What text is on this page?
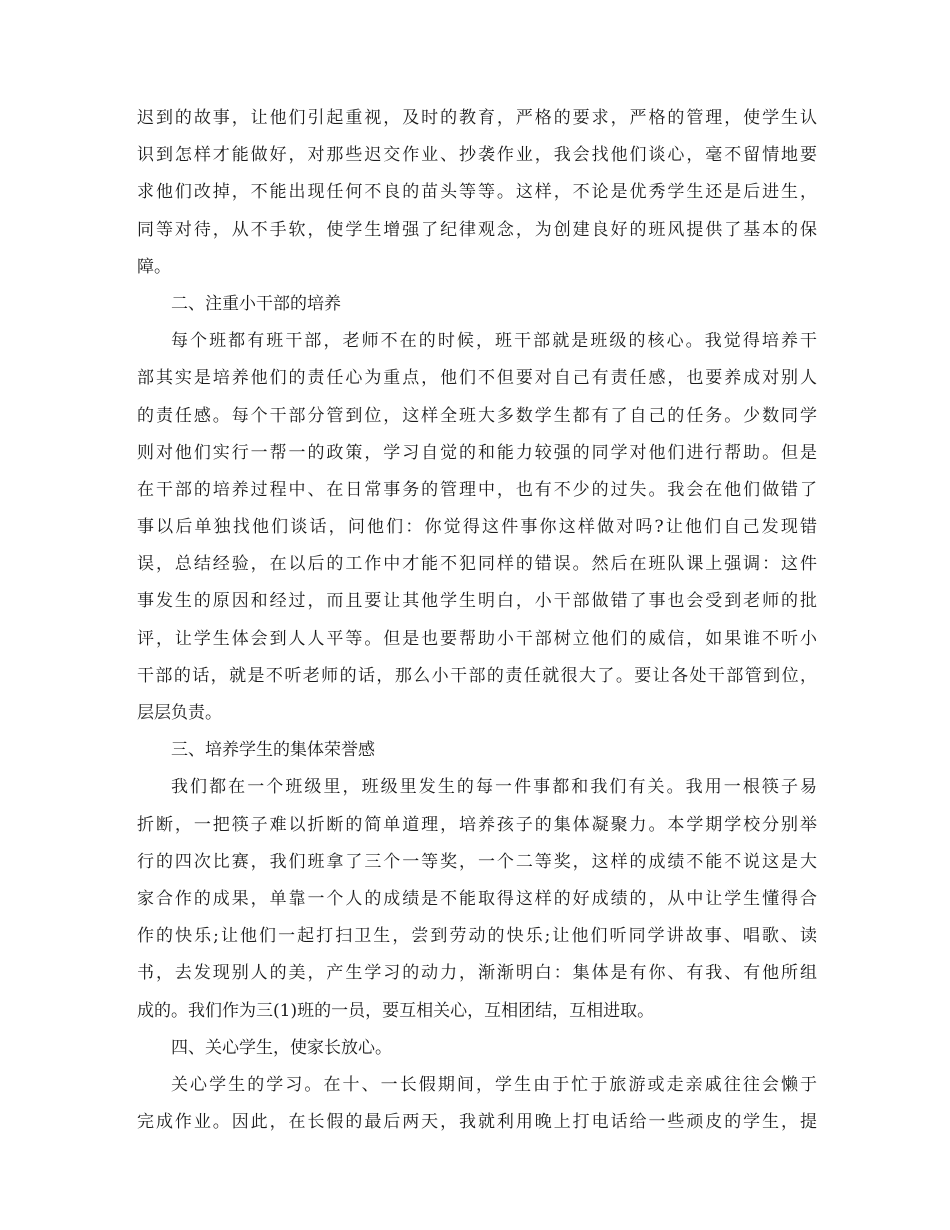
迟到的故事，让他们引起重视，及时的教育，严格的要求，严格的管理，使学生认
识到怎样才能做好，对那些迟交作业、抄袭作业，我会找他们谈心，毫不留情地要
求他们改掉，不能出现任何不良的苗头等等。这样，不论是优秀学生还是后进生，
同等对待，从不手软，使学生增强了纪律观念，为创建良好的班风提供了基本的保
障。
二、注重小干部的培养
每个班都有班干部，老师不在的时候，班干部就是班级的核心。我觉得培养干
部其实是培养他们的责任心为重点，他们不但要对自己有责任感，也要养成对别人
的责任感。每个干部分管到位，这样全班大多数学生都有了自己的任务。少数同学
则对他们实行一帮一的政策，学习自觉的和能力较强的同学对他们进行帮助。但是
在干部的培养过程中、在日常事务的管理中，也有不少的过失。我会在他们做错了
事以后单独找他们谈话，问他们：你觉得这件事你这样做对吗?让他们自己发现错
误，总结经验，在以后的工作中才能不犯同样的错误。然后在班队课上强调：这件
事发生的原因和经过，而且要让其他学生明白，小干部做错了事也会受到老师的批
评，让学生体会到人人平等。但是也要帮助小干部树立他们的威信，如果谁不听小
干部的话，就是不听老师的话，那么小干部的责任就很大了。要让各处干部管到位，
层层负责。
三、培养学生的集体荣誉感
我们都在一个班级里，班级里发生的每一件事都和我们有关。我用一根筷子易
折断，一把筷子难以折断的简单道理，培养孩子的集体凝聚力。本学期学校分别举
行的四次比赛，我们班拿了三个一等奖，一个二等奖，这样的成绩不能不说这是大
家合作的成果，单靠一个人的成绩是不能取得这样的好成绩的，从中让学生懂得合
作的快乐;让他们一起打扫卫生，尝到劳动的快乐;让他们听同学讲故事、唱歌、读
书，去发现别人的美，产生学习的动力，渐渐明白：集体是有你、有我、有他所组
成的。我们作为三(1)班的一员，要互相关心，互相团结，互相进取。
四、关心学生，使家长放心。
关心学生的学习。在十、一长假期间，学生由于忙于旅游或走亲戚往往会懒于
完成作业。因此，在长假的最后两天，我就利用晚上打电话给一些顽皮的学生，提
